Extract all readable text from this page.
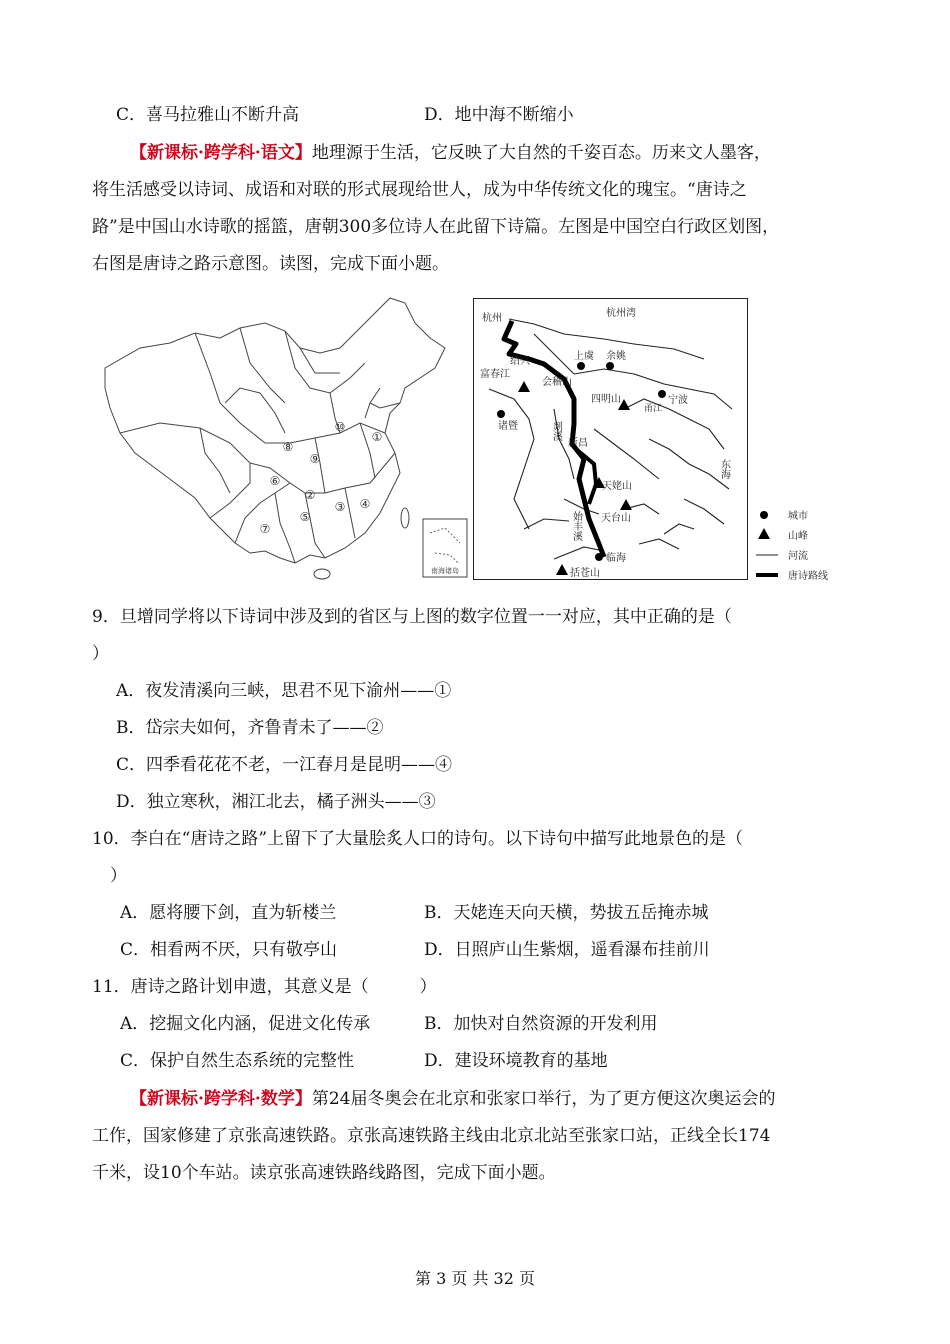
C．喜马拉雅山不断升高	D．地中海不断缩小
【新课标·跨学科·语文】地理源于生活，它反映了大自然的千姿百态。历来文人墨客，
将生活感受以诗词、成语和对联的形式展现给世人，成为中华传统文化的瑰宝。“唐诗之
路”是中国山水诗歌的摇篮，唐朝300多位诗人在此留下诗篇。左图是中国空白行政区划图，
右图是唐诗之路示意图。读图，完成下面小题。
①
②
③ ④
⑤
⑥
⑦
⑧
⑨
⑩
南海诸岛
杭州	杭州湾
绍兴
富春江
上虞 余姚
会稽山
四明山	宁波
甬江
诸暨	剡溪
新昌
东海
天姥山
天台山
始丰溪
临海
括苍山
城市
山峰
河流
唐诗路线
9．旦增同学将以下诗词中涉及到的省区与上图的数字位置一一对应，其中正确的是（
）
A．夜发清溪向三峡，思君不见下渝州——①
B．岱宗夫如何，齐鲁青未了——②
C．四季看花花不老，一江春月是昆明——④
D．独立寒秋，湘江北去，橘子洲头——③
10．李白在“唐诗之路”上留下了大量脍炙人口的诗句。以下诗句中描写此地景色的是（
）
A．愿将腰下剑，直为斩楼兰	B．天姥连天向天横，势拔五岳掩赤城
C．相看两不厌，只有敬亭山	D．日照庐山生紫烟，遥看瀑布挂前川
11．唐诗之路计划申遗，其意义是（　　　）
A．挖掘文化内涵，促进文化传承	B．加快对自然资源的开发利用
C．保护自然生态系统的完整性	D．建设环境教育的基地
【新课标·跨学科·数学】第24届冬奥会在北京和张家口举行，为了更方便这次奥运会的
工作，国家修建了京张高速铁路。京张高速铁路主线由北京北站至张家口站，正线全长174
千米，设10个车站。读京张高速铁路线路图，完成下面小题。
第 3 页 共 32 页
